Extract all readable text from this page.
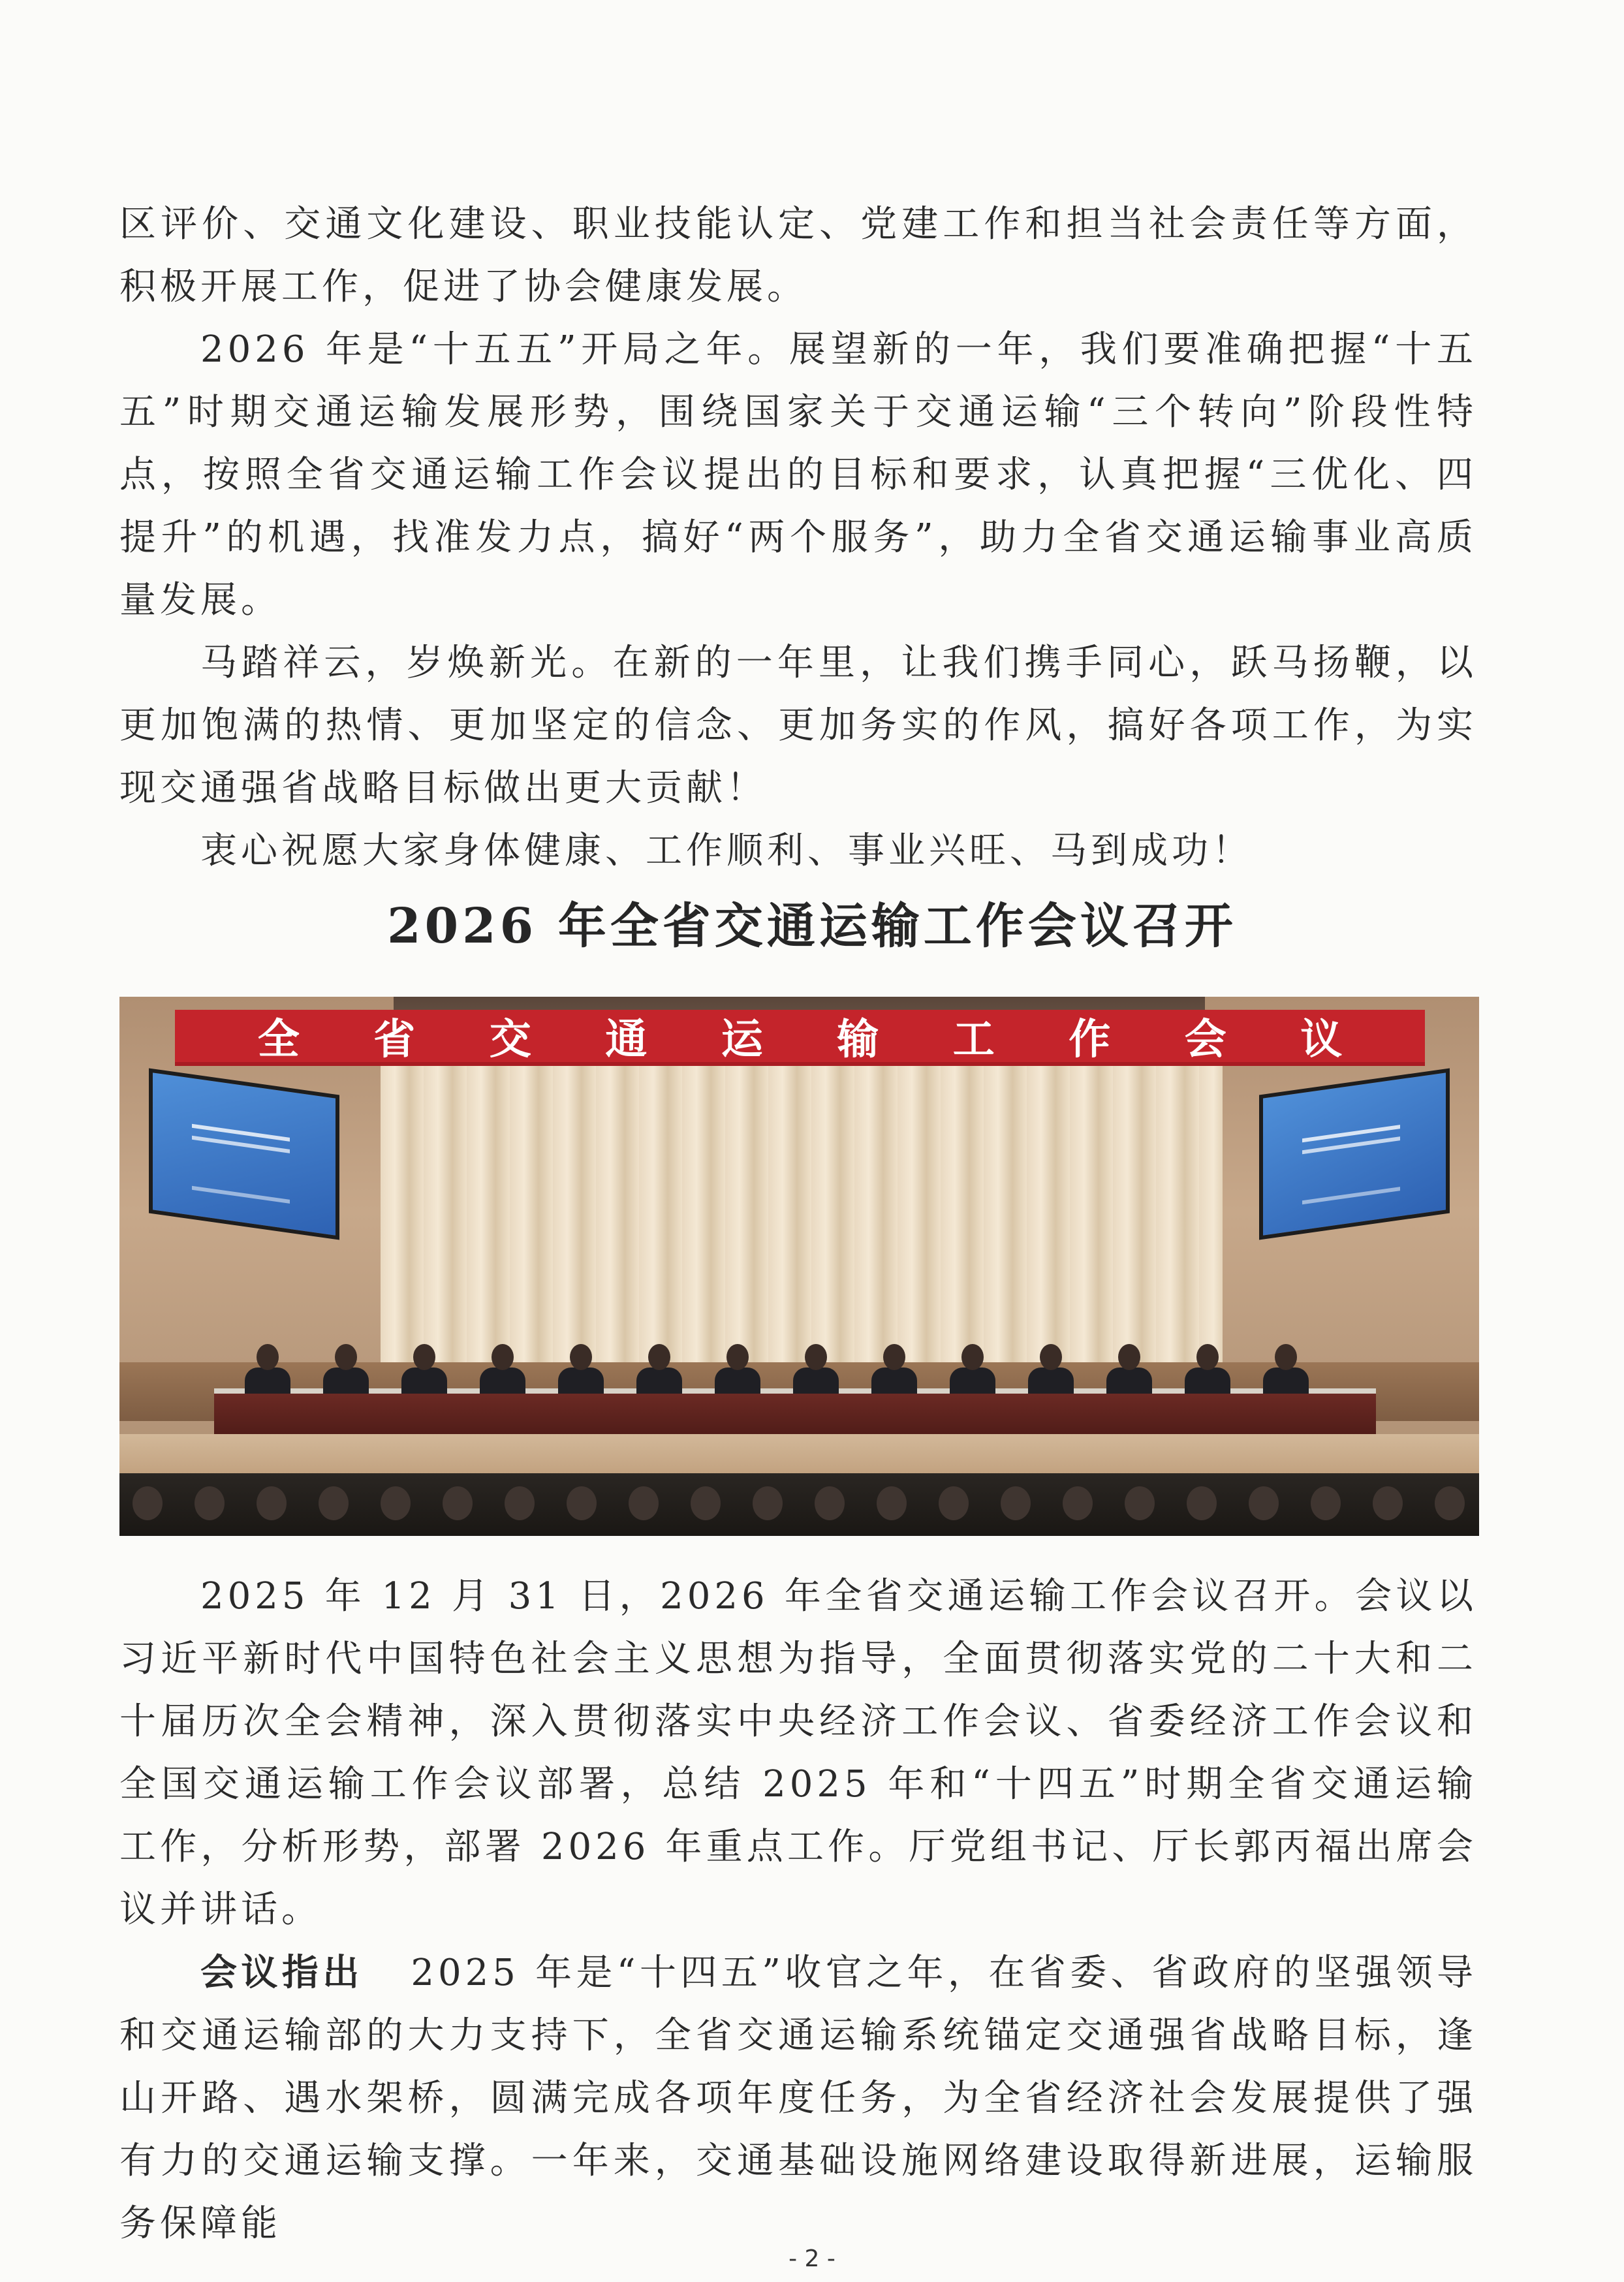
区评价、交通文化建设、职业技能认定、党建工作和担当社会责任等方面，积极开展工作，促进了协会健康发展。

2026 年是“十五五”开局之年。展望新的一年，我们要准确把握“十五五”时期交通运输发展形势，围绕国家关于交通运输“三个转向”阶段性特点，按照全省交通运输工作会议提出的目标和要求，认真把握“三优化、四提升”的机遇，找准发力点，搞好“两个服务”，助力全省交通运输事业高质量发展。

马踏祥云，岁焕新光。在新的一年里，让我们携手同心，跃马扬鞭，以更加饱满的热情、更加坚定的信念、更加务实的作风，搞好各项工作，为实现交通强省战略目标做出更大贡献！

衷心祝愿大家身体健康、工作顺利、事业兴旺、马到成功！

2026 年全省交通运输工作会议召开
全 省 交 通 运 输 工 作 会 议

2025 年 12 月 31 日，2026 年全省交通运输工作会议召开。会议以习近平新时代中国特色社会主义思想为指导，全面贯彻落实党的二十大和二十届历次全会精神，深入贯彻落实中央经济工作会议、省委经济工作会议和全国交通运输工作会议部署，总结 2025 年和“十四五”时期全省交通运输工作，分析形势，部署 2026 年重点工作。厅党组书记、厅长郭丙福出席会议并讲话。

会议指出 2025 年是“十四五”收官之年，在省委、省政府的坚强领导和交通运输部的大力支持下，全省交通运输系统锚定交通强省战略目标，逢山开路、遇水架桥，圆满完成各项年度任务，为全省经济社会发展提供了强有力的交通运输支撑。一年来，交通基础设施网络建设取得新进展，运输服务保障能

- 2 -
